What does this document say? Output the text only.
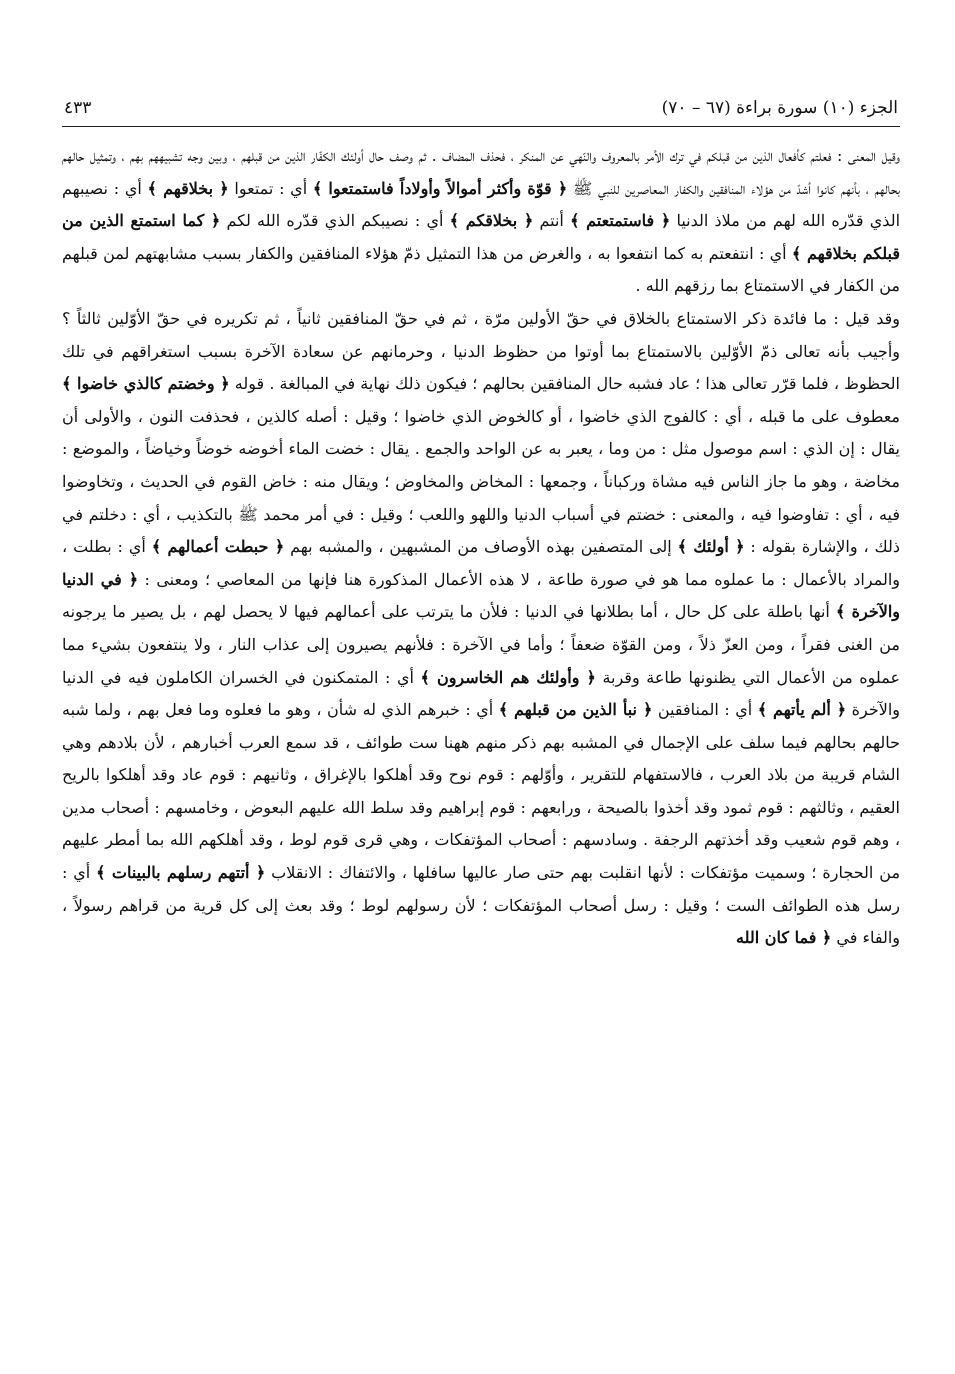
الجزء (١٠) سورة براءة (٦٧ – ٧٠)
٤٣٣

وقيل المعنى : فعلتم كأفعال الذين من قبلكم في ترك الأمر بالمعروف والنّهي عن المنكر ، فحذف المضاف . ثم وصف حال أولئك الكفّار الذين من قبلهم ، وبين وجه تشبيههم بهم ، وتمثيل حالهم بحالهم ، بأنهم كانوا أشدّ من هؤلاء المنافقين والكفار المعاصرين للنبي ﷺ ﴿ قوّة وأكثر أموالاً وأولاداً فاستمتعوا ﴾ أي : تمتعوا ﴿ بخلاقهم ﴾ أي : نصيبهم الذي قدّره الله لهم من ملاذ الدنيا ﴿ فاستمتعتم ﴾ أنتم ﴿ بخلاقكم ﴾ أي : نصيبكم الذي قدّره الله لكم ﴿ كما استمتع الذين من قبلكم بخلاقهم ﴾ أي : انتفعتم به كما انتفعوا به ، والغرض من هذا التمثيل ذمّ هؤلاء المنافقين والكفار بسبب مشابهتهم لمن قبلهم من الكفار في الاستمتاع بما رزقهم الله .

وقد قيل : ما فائدة ذكر الاستمتاع بالخلاق في حقّ الأولين مرّة ، ثم في حقّ المنافقين ثانياً ، ثم تكريره في حقّ الأوّلين ثالثاً ؟ وأجيب بأنه تعالى ذمّ الأوّلين بالاستمتاع بما أوتوا من حظوظ الدنيا ، وحرمانهم عن سعادة الآخرة بسبب استغراقهم في تلك الحظوظ ، فلما قرّر تعالى هذا ؛ عاد فشبه حال المنافقين بحالهم ؛ فيكون ذلك نهاية في المبالغة . قوله ﴿ وخضتم كالذي خاضوا ﴾ معطوف على ما قبله ، أي : كالفوج الذي خاضوا ، أو كالخوض الذي خاضوا ؛ وقيل : أصله كالذين ، فحذفت النون ، والأولى أن يقال : إن الذي : اسم موصول مثل : من وما ، يعبر به عن الواحد والجمع . يقال : خضت الماء أخوضه خوضاً وخياضاً ، والموضع : مخاضة ، وهو ما جاز الناس فيه مشاة وركباناً ، وجمعها : المخاض والمخاوض ؛ ويقال منه : خاض القوم في الحديث ، وتخاوضوا فيه ، أي : تفاوضوا فيه ، والمعنى : خضتم في أسباب الدنيا واللهو واللعب ؛ وقيل : في أمر محمد ﷺ بالتكذيب ، أي : دخلتم في ذلك ، والإشارة بقوله : ﴿ أولئك ﴾ إلى المتصفين بهذه الأوصاف من المشبهين ، والمشبه بهم ﴿ حبطت أعمالهم ﴾ أي : بطلت ، والمراد بالأعمال : ما عملوه مما هو في صورة طاعة ، لا هذه الأعمال المذكورة هنا فإنها من المعاصي ؛ ومعنى : ﴿ في الدنيا والآخرة ﴾ أنها باطلة على كل حال ، أما بطلانها في الدنيا : فلأن ما يترتب على أعمالهم فيها لا يحصل لهم ، بل يصير ما يرجونه من الغنى فقراً ، ومن العزّ ذلاً ، ومن القوّة ضعفاً ؛ وأما في الآخرة : فلأنهم يصيرون إلى عذاب النار ، ولا ينتفعون بشيء مما عملوه من الأعمال التي يظنونها طاعة وقربة ﴿ وأولئك هم الخاسرون ﴾ أي : المتمكنون في الخسران الكاملون فيه في الدنيا والآخرة ﴿ ألم يأتهم ﴾ أي : المنافقين ﴿ نبأ الذين من قبلهم ﴾ أي : خبرهم الذي له شأن ، وهو ما فعلوه وما فعل بهم ، ولما شبه حالهم بحالهم فيما سلف على الإجمال في المشبه بهم ذكر منهم ههنا ست طوائف ، قد سمع العرب أخبارهم ، لأن بلادهم وهي الشام قريبة من بلاد العرب ، فالاستفهام للتقرير ، وأوّلهم : قوم نوح وقد أهلكوا بالإغراق ، وثانيهم : قوم عاد وقد أهلكوا بالريح العقيم ، وثالثهم : قوم ثمود وقد أخذوا بالصيحة ، ورابعهم : قوم إبراهيم وقد سلط الله عليهم البعوض ، وخامسهم : أصحاب مدين ، وهم قوم شعيب وقد أخذتهم الرجفة . وسادسهم : أصحاب المؤتفكات ، وهي قرى قوم لوط ، وقد أهلكهم الله بما أمطر عليهم من الحجارة ؛ وسميت مؤتفكات : لأنها انقلبت بهم حتى صار عاليها سافلها ، والائتفاك : الانقلاب ﴿ أتتهم رسلهم بالبينات ﴾ أي : رسل هذه الطوائف الست ؛ وقيل : رسل أصحاب المؤتفكات ؛ لأن رسولهم لوط ؛ وقد بعث إلى كل قرية من قراهم رسولاً ، والفاء في ﴿ فما كان الله
